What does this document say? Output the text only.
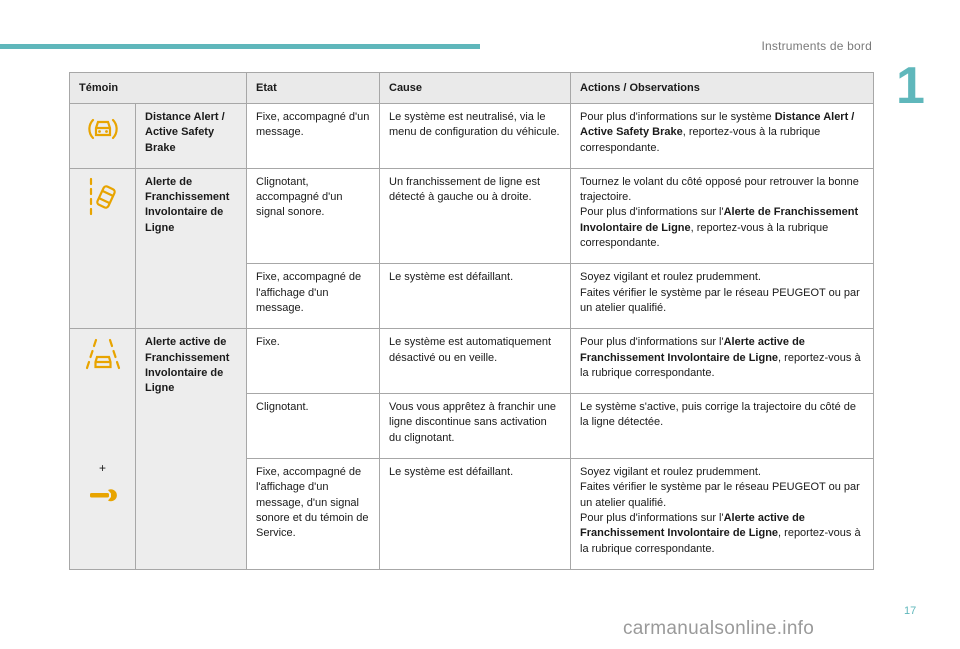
Instruments de bord
1
Témoin		Etat	Cause	Actions / Observations

	Distance Alert / Active Safety Brake	Fixe, accompagné d'un message.	Le système est neutralisé, via le menu de configuration du véhicule.	Pour plus d'informations sur le système Distance Alert / Active Safety Brake, reportez-vous à la rubrique correspondante.

	Alerte de Franchissement Involontaire de Ligne	Clignotant, accompagné d'un signal sonore.	Un franchissement de ligne est détecté à gauche ou à droite.	Tournez le volant du côté opposé pour retrouver la bonne trajectoire.
Pour plus d'informations sur l'Alerte de Franchissement Involontaire de Ligne, reportez-vous à la rubrique correspondante.
		Fixe, accompagné de l'affichage d'un message.	Le système est défaillant.	Soyez vigilant et roulez prudemment.
Faites vérifier le système par le réseau PEUGEOT ou par un atelier qualifié.

+	Alerte active de Franchissement Involontaire de Ligne	Fixe.	Le système est automatiquement désactivé ou en veille.	Pour plus d'informations sur l'Alerte active de Franchissement Involontaire de Ligne, reportez-vous à la rubrique correspondante.
		Clignotant.	Vous vous apprêtez à franchir une ligne discontinue sans activation du clignotant.	Le système s'active, puis corrige la trajectoire du côté de la ligne détectée.
		Fixe, accompagné de l'affichage d'un message, d'un signal sonore et du témoin de Service.	Le système est défaillant.	Soyez vigilant et roulez prudemment.
Faites vérifier le système par le réseau PEUGEOT ou par un atelier qualifié.
Pour plus d'informations sur l'Alerte active de Franchissement Involontaire de Ligne, reportez-vous à la rubrique correspondante.
17
carmanualsonline.info
